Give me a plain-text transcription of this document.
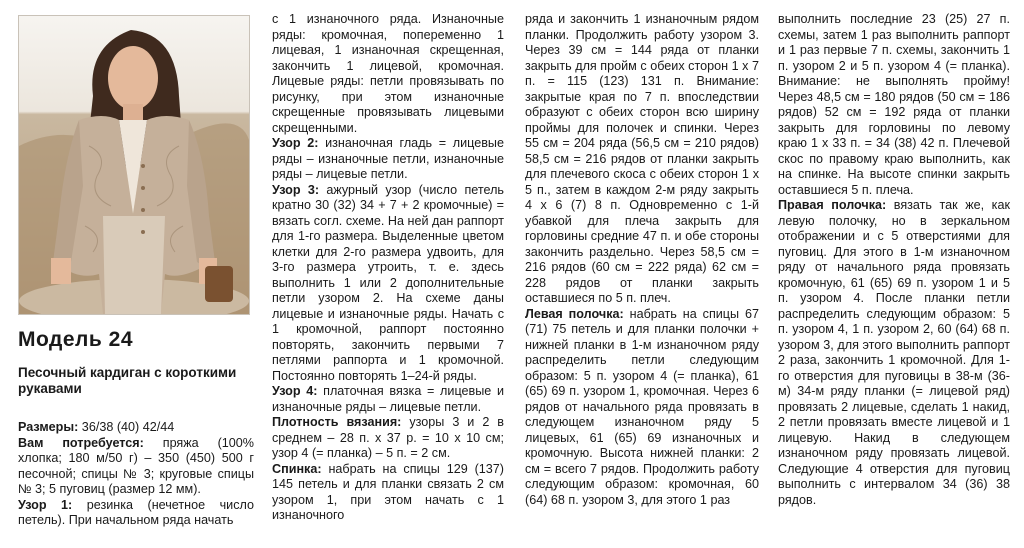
Модель 24
Песочный кардиган с короткими рукавами

Размеры: 36/38 (40) 42/44

Вам потребуется: пряжа (100% хлопка; 180 м/50 г) – 350 (450) 500 г песочной; спицы № 3; круговые спицы № 3; 5 пуговиц (размер 12 мм).

Узор 1: резинка (нечетное число петель). При начальном ряда начать

с 1 изнаночного ряда. Изнаночные ряды: кромочная, попеременно 1 лицевая, 1 изнаночная скрещенная, закончить 1 лицевой, кромочная. Лицевые ряды: петли провязывать по рисунку, при этом изнаночные скрещенные провязывать лицевыми скрещенными.

Узор 2: изнаночная гладь = лицевые ряды – изнаночные петли, изнаночные ряды – лицевые петли.

Узор 3: ажурный узор (число петель кратно 30 (32) 34 + 7 + 2 кромочные) = вязать согл. схеме. На ней дан раппорт для 1-го размера. Выделенные цветом клетки для 2-го размера удвоить, для 3-го размера утроить, т. е. здесь выполнить 1 или 2 дополнительные петли узором 2. На схеме даны лицевые и изнаночные ряды. Начать с 1 кромочной, раппорт постоянно повторять, закончить первыми 7 петлями раппорта и 1 кромочной. Постоянно повторять 1–24-й ряды.

Узор 4: платочная вязка = лицевые и изнаночные ряды – лицевые петли.

Плотность вязания: узоры 3 и 2 в среднем – 28 п. х 37 р. = 10 х 10 см; узор 4 (= планка) – 5 п. = 2 см.

Спинка: набрать на спицы 129 (137) 145 петель и для планки связать 2 см узором 1, при этом начать с 1 изнаночного

ряда и закончить 1 изнаночным рядом планки. Продолжить работу узором 3. Через 39 см = 144 ряда от планки закрыть для пройм с обеих сторон 1 х 7 п. = 115 (123) 131 п. Внимание: закрытые края по 7 п. впоследствии образуют с обеих сторон всю ширину проймы для полочек и спинки. Через 55 см = 204 ряда (56,5 см = 210 рядов) 58,5 см = 216 рядов от планки закрыть для плечевого скоса с обеих сторон 1 х 5 п., затем в каждом 2-м ряду закрыть 4 х 6 (7) 8 п. Одновременно с 1-й убавкой для плеча закрыть для горловины средние 47 п. и обе стороны закончить раздельно. Через 58,5 см = 216 рядов (60 см = 222 ряда) 62 см = 228 рядов от планки закрыть оставшиеся по 5 п. плеч.

Левая полочка: набрать на спицы 67 (71) 75 петель и для планки полочки + нижней планки в 1-м изнаночном ряду распределить петли следующим образом: 5 п. узором 4 (= планка), 61 (65) 69 п. узором 1, кромочная. Через 6 рядов от начального ряда провязать в следующем изнаночном ряду 5 лицевых, 61 (65) 69 изнаночных и кромочную. Высота нижней планки: 2 см = всего 7 рядов. Продолжить работу следующим образом: кромочная, 60 (64) 68 п. узором 3, для этого 1 раз

выполнить последние 23 (25) 27 п. схемы, затем 1 раз выполнить раппорт и 1 раз первые 7 п. схемы, закончить 1 п. узором 2 и 5 п. узором 4 (= планка). Внимание: не выполнять пройму! Через 48,5 см = 180 рядов (50 см = 186 рядов) 52 см = 192 ряда от планки закрыть для горловины по левому краю 1 х 33 п. = 34 (38) 42 п. Плечевой скос по правому краю выполнить, как на спинке. На высоте спинки закрыть оставшиеся 5 п. плеча.

Правая полочка: вязать так же, как левую полочку, но в зеркальном отображении и с 5 отверстиями для пуговиц. Для этого в 1-м изнаночном ряду от начального ряда провязать кромочную, 61 (65) 69 п. узором 1 и 5 п. узором 4. После планки петли распределить следующим образом: 5 п. узором 4, 1 п. узором 2, 60 (64) 68 п. узором 3, для этого выполнить раппорт 2 раза, закончить 1 кромочной. Для 1-го отверстия для пуговицы в 38-м (36-м) 34-м ряду планки (= лицевой ряд) провязать 2 лицевые, сделать 1 накид, 2 петли провязать вместе лицевой и 1 лицевую. Накид в следующем изнаночном ряду провязать лицевой. Следующие 4 отверстия для пуговиц выполнить с интервалом 34 (36) 38 рядов.
